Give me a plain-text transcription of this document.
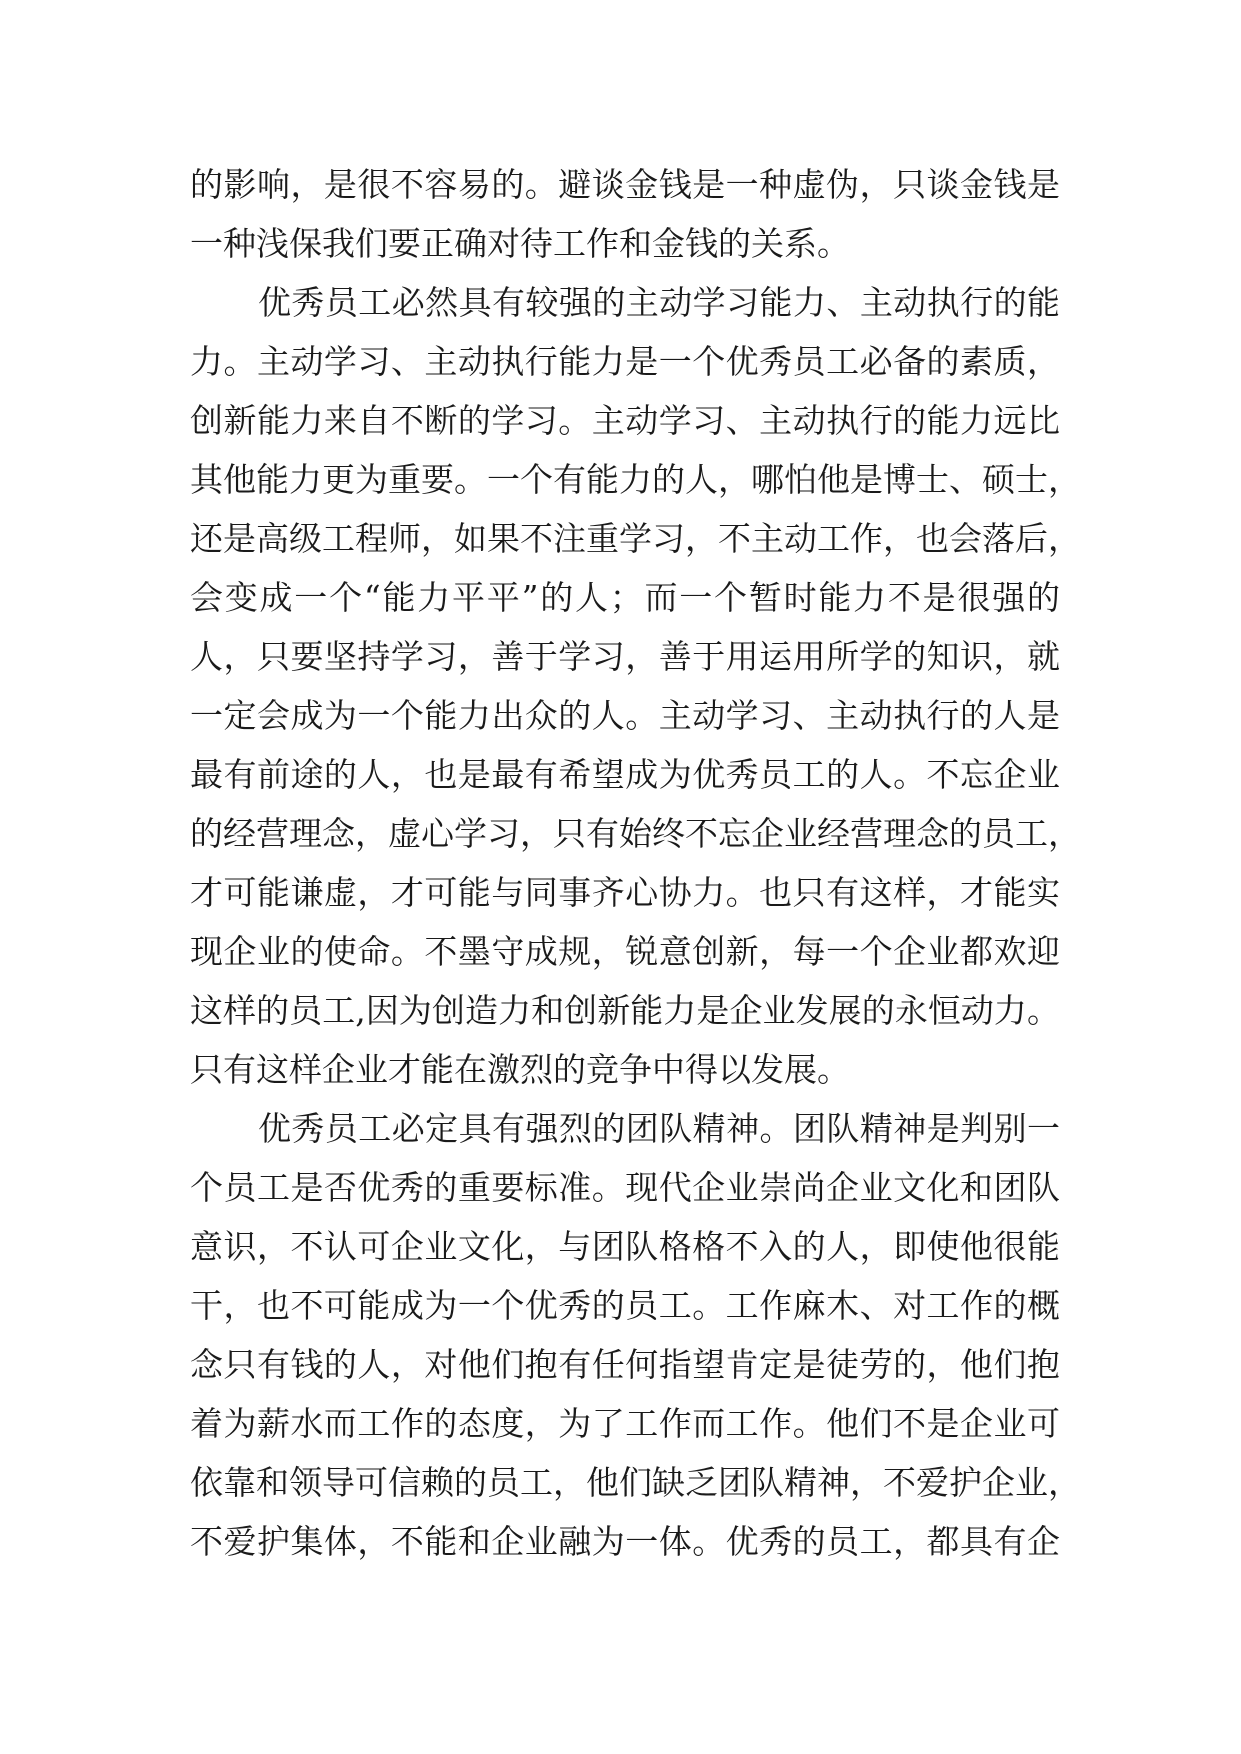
的影响，是很不容易的。避谈金钱是一种虚伪，只谈金钱是
一种浅保我们要正确对待工作和金钱的关系。
优秀员工必然具有较强的主动学习能力、主动执行的能
力。主动学习、主动执行能力是一个优秀员工必备的素质，
创新能力来自不断的学习。主动学习、主动执行的能力远比
其他能力更为重要。一个有能力的人，哪怕他是博士、硕士，
还是高级工程师，如果不注重学习，不主动工作，也会落后，
会变成一个“能力平平”的人；而一个暂时能力不是很强的
人，只要坚持学习，善于学习，善于用运用所学的知识，就
一定会成为一个能力出众的人。主动学习、主动执行的人是
最有前途的人，也是最有希望成为优秀员工的人。不忘企业
的经营理念，虚心学习，只有始终不忘企业经营理念的员工，
才可能谦虚，才可能与同事齐心协力。也只有这样，才能实
现企业的使命。不墨守成规，锐意创新，每一个企业都欢迎
这样的员工,因为创造力和创新能力是企业发展的永恒动力。
只有这样企业才能在激烈的竞争中得以发展。
优秀员工必定具有强烈的团队精神。团队精神是判别一
个员工是否优秀的重要标准。现代企业崇尚企业文化和团队
意识，不认可企业文化，与团队格格不入的人，即使他很能
干，也不可能成为一个优秀的员工。工作麻木、对工作的概
念只有钱的人，对他们抱有任何指望肯定是徒劳的，他们抱
着为薪水而工作的态度，为了工作而工作。他们不是企业可
依靠和领导可信赖的员工，他们缺乏团队精神，不爱护企业，
不爱护集体，不能和企业融为一体。优秀的员工，都具有企
